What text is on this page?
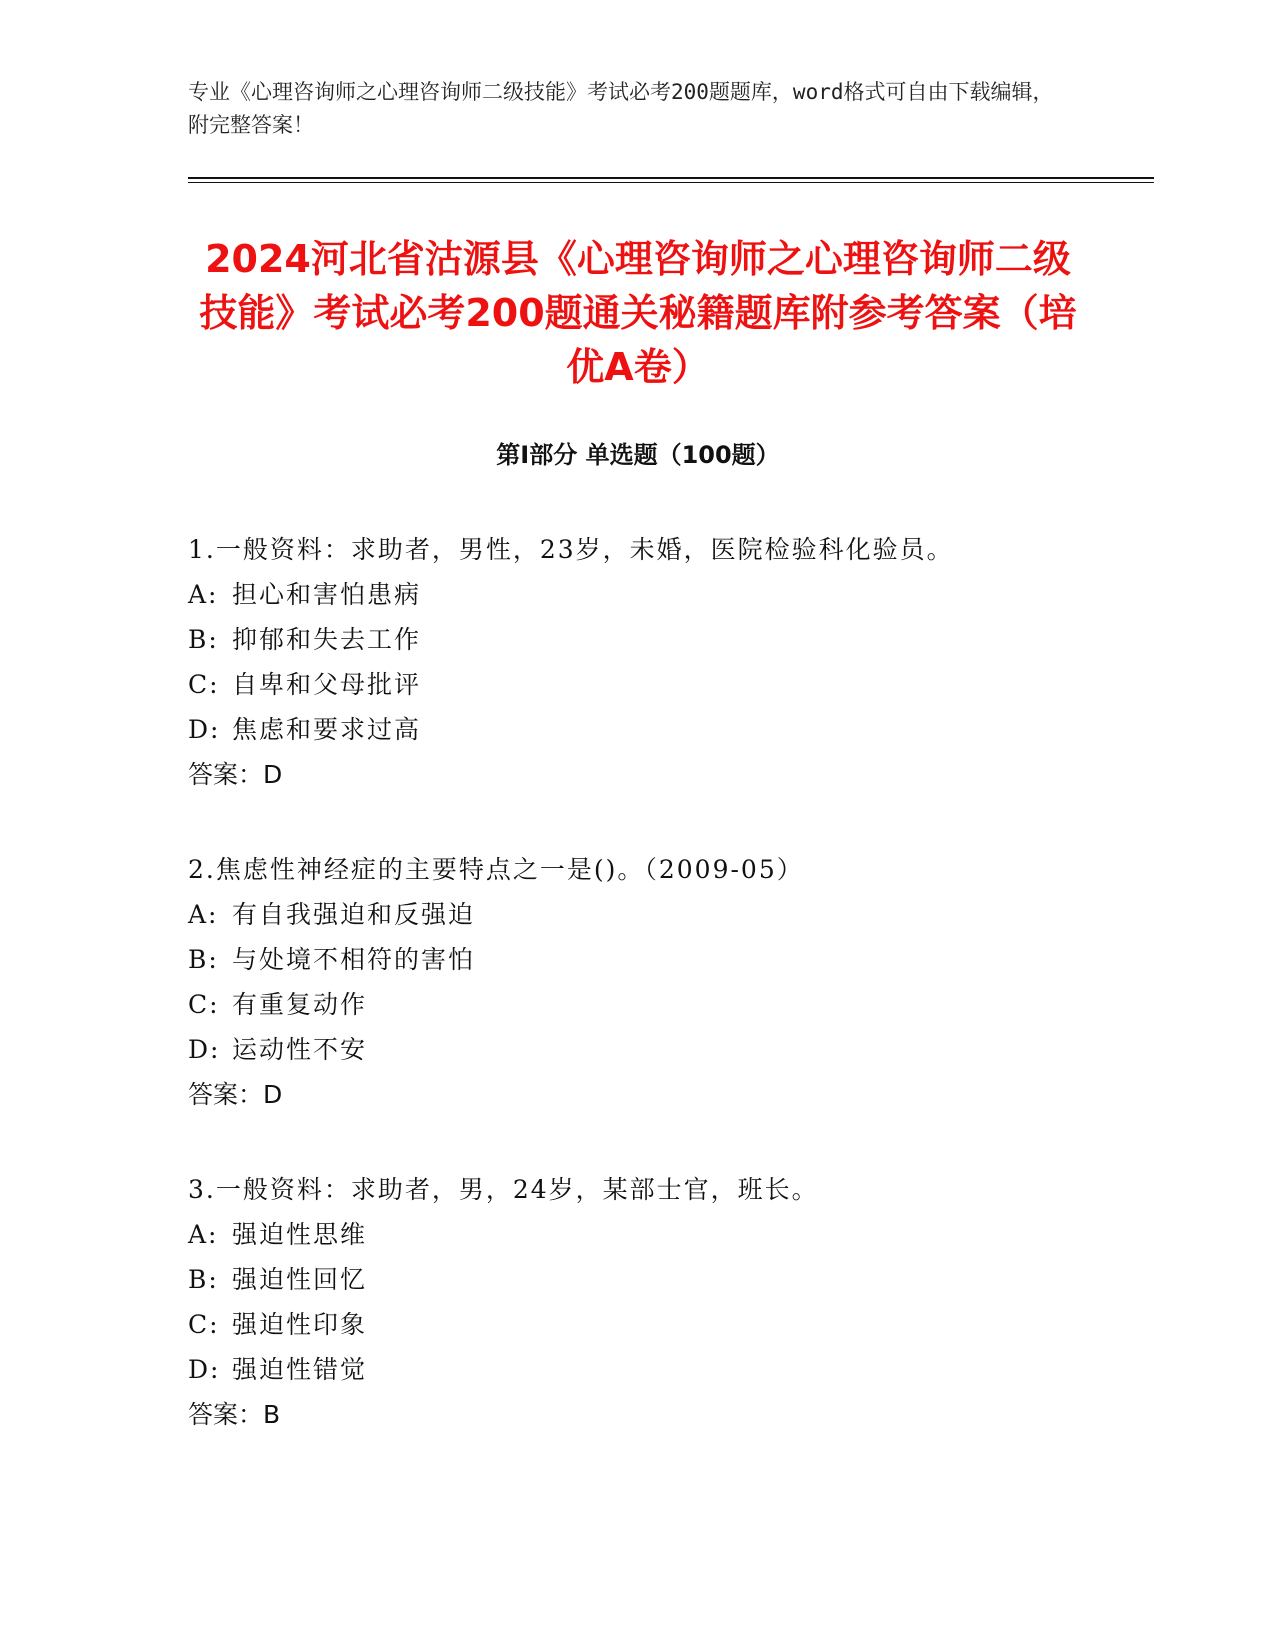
专业《心理咨询师之心理咨询师二级技能》考试必考200题题库，word格式可自由下载编辑，附完整答案！
2024河北省沽源县《心理咨询师之心理咨询师二级技能》考试必考200题通关秘籍题库附参考答案（培优A卷）
第I部分 单选题（100题）
1.一般资料：求助者，男性，23岁，未婚，医院检验科化验员。
A: 担心和害怕患病
B: 抑郁和失去工作
C: 自卑和父母批评
D: 焦虑和要求过高
答案：D
2.焦虑性神经症的主要特点之一是()。（2009-05）
A: 有自我强迫和反强迫
B: 与处境不相符的害怕
C: 有重复动作
D: 运动性不安
答案：D
3.一般资料：求助者，男，24岁，某部士官，班长。
A: 强迫性思维
B: 强迫性回忆
C: 强迫性印象
D: 强迫性错觉
答案：B
